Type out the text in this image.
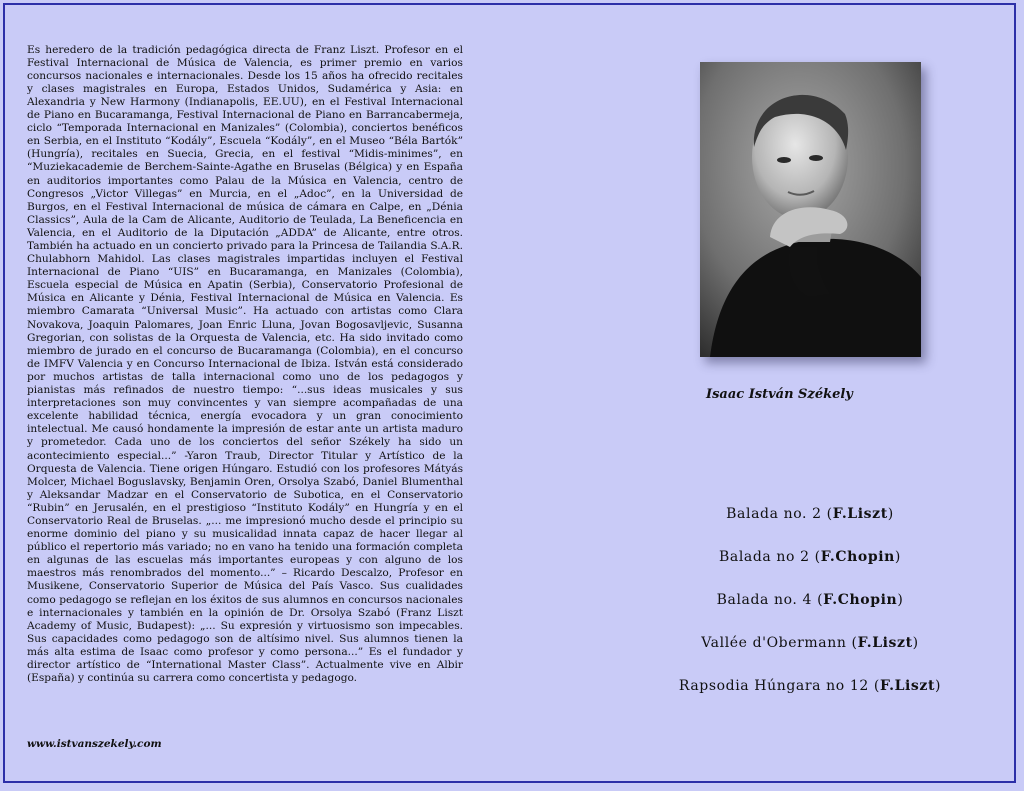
Es heredero de la tradición pedagógica directa de Franz Liszt. Profesor en el Festival Internacional de Música de Valencia, es primer premio en varios concursos nacionales e internacionales. Desde los 15 años ha ofrecido recitales y clases magistrales en Europa, Estados Unidos, Sudamérica y Asia: en Alexandria y New Harmony (Indianapolis, EE.UU), en el Festival Internacional de Piano en Bucaramanga, Festival Internacional de Piano en Barrancabermeja, ciclo “Temporada Internacional en Manizales” (Colombia), conciertos benéficos en Serbia, en el Instituto “Kodály”, Escuela “Kodály”, en el Museo “Béla Bartók” (Hungría), recitales en Suecia, Grecia, en el festival “Midis-minimes”, en “Muziekacademie de Berchem-Sainte-Agathe en Bruselas (Bélgica) y en España en auditorios importantes como Palau de la Música en Valencia, centro de Congresos „Victor Villegas” en Murcia, en el „Adoc”, en la Universidad de Burgos, en el Festival Internacional de música de cámara en Calpe, en „Dénia Classics”, Aula de la Cam de Alicante, Auditorio de Teulada, La Beneficencia en Valencia, en el Auditorio de la Diputación „ADDA” de Alicante, entre otros. También ha actuado en un concierto privado para la Princesa de Tailandia S.A.R. Chulabhorn Mahidol. Las clases magistrales impartidas incluyen el Festival Internacional de Piano “UIS” en Bucaramanga, en Manizales (Colombia), Escuela especial de Música en Apatin (Serbia), Conservatorio Profesional de Música en Alicante y Dénia, Festival Internacional de Música en Valencia. Es miembro Camarata “Universal Music”. Ha actuado con artistas como Clara Novakova, Joaquin Palomares, Joan Enric Lluna, Jovan Bogosavljevic, Susanna Gregorian, con solistas de la Orquesta de Valencia, etc. Ha sido invitado como miembro de jurado en el concurso de Bucaramanga (Colombia), en el concurso de IMFV Valencia y en Concurso Internacional de Ibiza. István está considerado por muchos artistas de talla internacional como uno de los pedagogos y pianistas más refinados de nuestro tiempo: “...sus ideas musicales y sus interpretaciones son muy convincentes y van siempre acompañadas de una excelente habilidad técnica, energía evocadora y un gran conocimiento intelectual. Me causó hondamente la impresión de estar ante un artista maduro y prometedor. Cada uno de los conciertos del señor Székely ha sido un acontecimiento especial...” -Yaron Traub, Director Titular y Artístico de la Orquesta de Valencia. Tiene origen Húngaro. Estudió con los profesores Mátyás Molcer, Michael Boguslavsky, Benjamin Oren, Orsolya Szabó, Daniel Blumenthal y Aleksandar Madzar en el Conservatorio de Subotica, en el Conservatorio “Rubin” en Jerusalén, en el prestigioso “Instituto Kodály” en Hungría y en el Conservatorio Real de Bruselas. „... me impresionó mucho desde el principio su enorme dominio del piano y su musicalidad innata capaz de hacer llegar al público el repertorio más variado; no en vano ha tenido una formación completa en algunas de las escuelas más importantes europeas y con alguno de los maestros más renombrados del momento...” – Ricardo Descalzo, Profesor en Musikene, Conservatorio Superior de Música del País Vasco. Sus cualidades como pedagogo se reflejan en los éxitos de sus alumnos en concursos nacionales e internacionales y también en la opinión de Dr. Orsolya Szabó (Franz Liszt Academy of Music, Budapest): „... Su expresión y virtuosismo son impecables. Sus capacidades como pedagogo son de altísimo nivel. Sus alumnos tienen la más alta estima de Isaac como profesor y como persona...” Es el fundador y director artístico de “International Master Class”. Actualmente vive en Albir (España) y continúa su carrera como concertista y pedagogo.

www.istvanszekely.com
Isaac István Székely
Balada no. 2 (F.Liszt)
Balada no 2 (F.Chopin)
Balada no. 4 (F.Chopin)
Vallée d'Obermann (F.Liszt)
Rapsodia Húngara no 12 (F.Liszt)
